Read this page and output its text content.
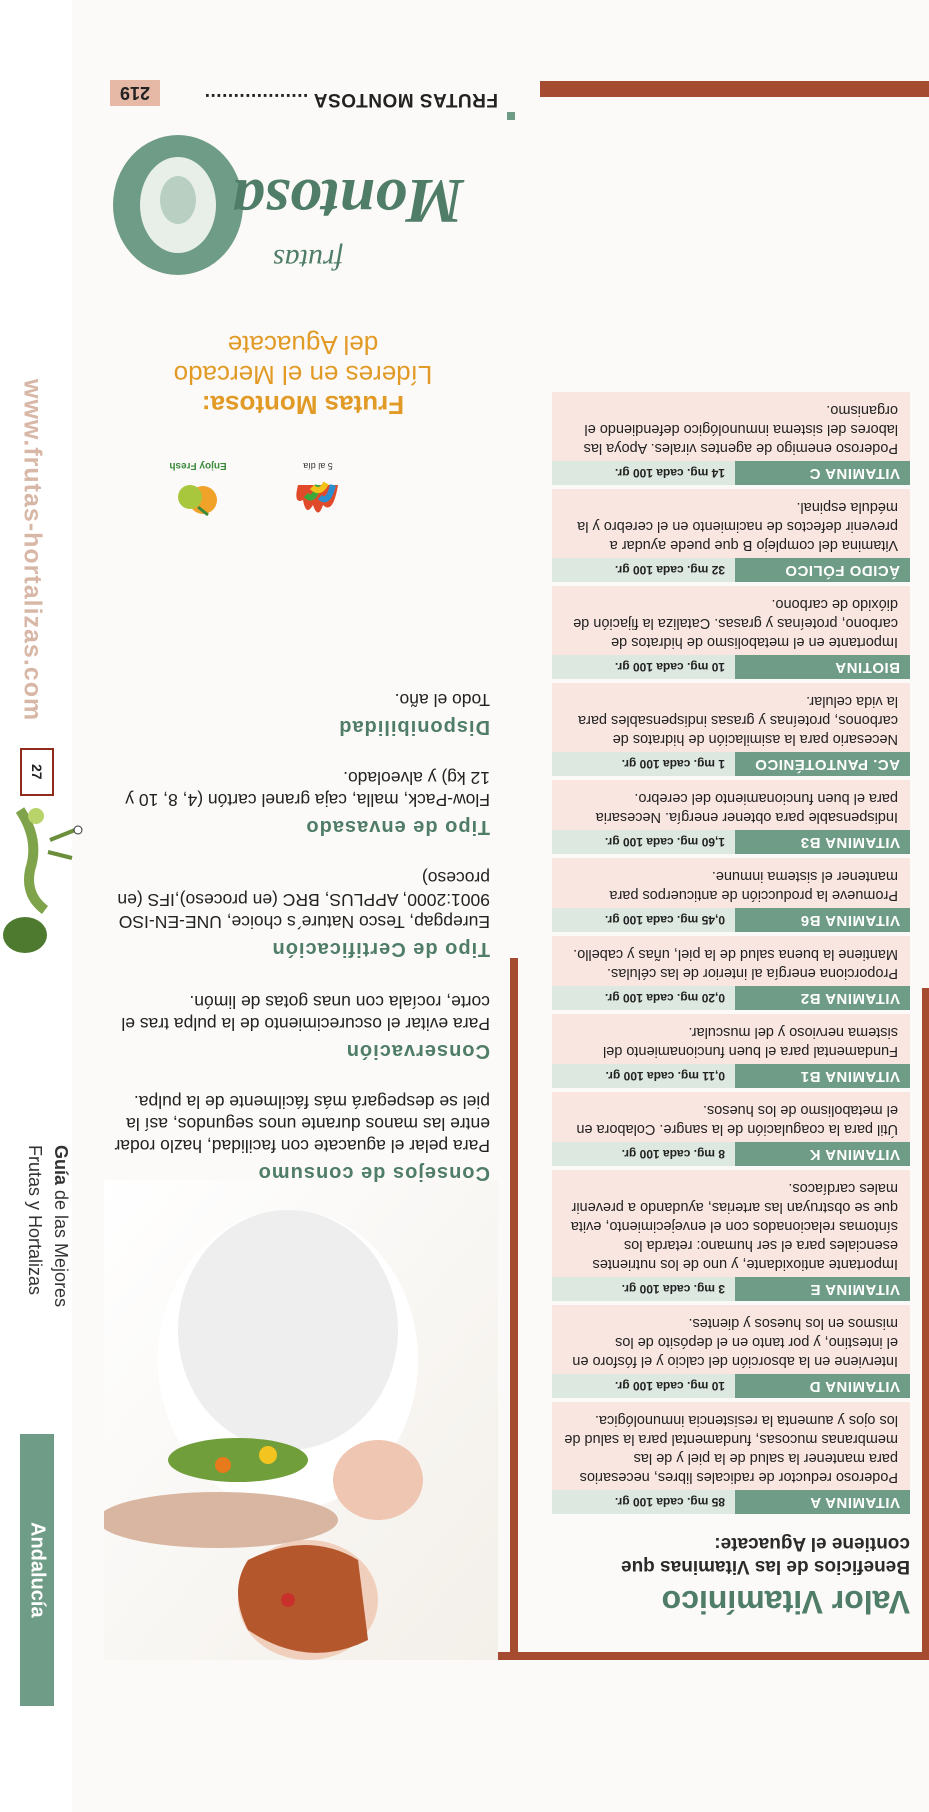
www.frutas-hortalizas.com
27
Guía de las Mejores
Frutas y Hortalizas
Andalucía	Valor Vitamínico
Beneficios de las Vitaminas que contiene el Aguacate:
VITAMINA A
85 mg. cada 100 gr.
Poderoso reductor de radicales libres, necesarios para mantener la salud de la piel y de las membranas mucosas, fundamental para la salud de los ojos y aumenta la resistencia inmunológica.
VITAMINA D
10 mg. cada 100 gr.
Interviene en la absorción del calcio y el fósforo en el intestino, y por tanto en el depósito de los mismos en los huesos y dientes.
VITAMINA E
3 mg. cada 100 gr.
Importante antioxidante, y uno de los nutrientes esenciales para el ser humano: retarda los síntomas relacionados con el envejecimiento, evita que se obstruyan las arterias, ayudando a prevenir males cardíacos.
VITAMINA K
8 mg. cada 100 gr.
Útil para la coagulación de la sangre. Colabora en el metabolismo de los huesos.
VITAMINA B1
0,11 mg. cada 100 gr.
Fundamental para el buen funcionamiento del sistema nervioso y del muscular.
VITAMINA B2
0,20 mg. cada 100 gr.
Proporciona energía al interior de las células. Mantiene la buena salud de la piel, uñas y cabello.
VITAMINA B6
0,45 mg. cada 100 gr.
Promueve la producción de anticuerpos para mantener el sistema inmune.
VITAMINA B3
1,60 mg. cada 100 gr.
Indispensable para obtener energía. Necesaria para el buen funcionamiento del cerebro.
AC. PANTOTÉNICO
1 mg. cada 100 gr.
Necesario para la asimilación de hidratos de carbonos, proteínas y grasas indispensables para la vida celular.
BIOTINA
10 mg. cada 100 gr.
Importante en el metabolismo de hidratos de carbono, proteínas y grasas. Cataliza la fijación de dióxido de carbono.
ÁCIDO FÓLICO
32 mg. cada 100 gr.
Vitamina del complejo B que puede ayudar a prevenir defectos de nacimiento en el cerebro y la médula espinal.
VITAMINA C
14 mg. cada 100 gr.
Poderoso enemigo de agentes virales. Apoya las labores del sistema inmunológico defendiendo el organismo.
Consejos de consumo

Para pelar el aguacate con facilidad, hazlo rodar entre las manos durante unos segundos, así la piel se despegará más fácilmente de la pulpa.

Conservación

Para evitar el oscurecimiento de la pulpa tras el corte, rocíala con unas gotas de limón.

Tipo de Certificación

Eurepgap, Tesco Nature´s choice, UNE-EN-ISO 9001:2000, APPLUS, BRC (en proceso),IFS (en proceso)

Tipo de envasado

Flow-Pack, malla, caja granel cartón (4, 8, 10 y 12 kg) y alveolado.

Disponibilidad

Todo el año.

5 al día
Enjoy Fresh
Frutas Montosa:
Líderes en el Mercado
del Aguacate
frutas
Montosa
FRUTAS MONTOSA ..................
219
